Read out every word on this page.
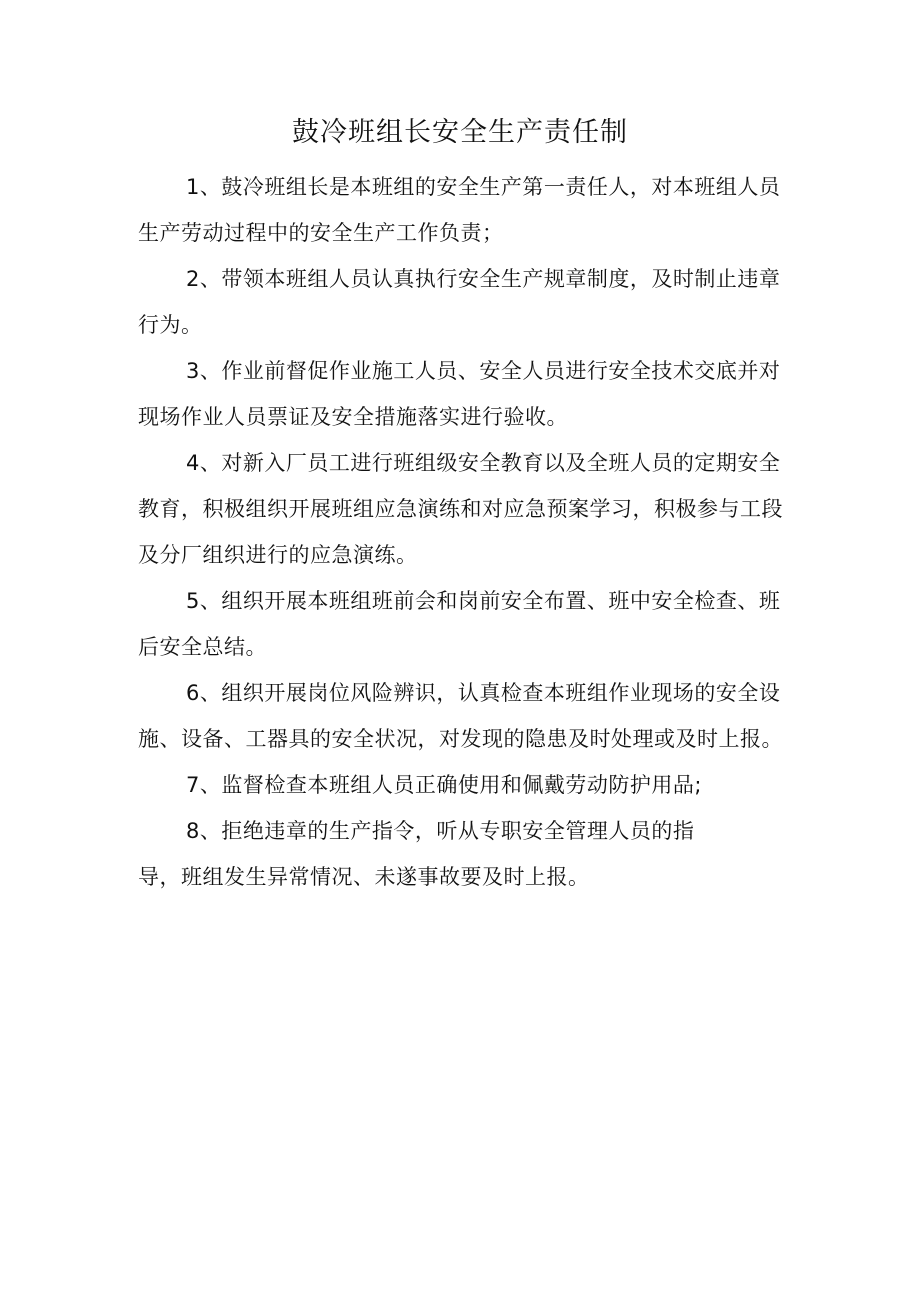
鼓冷班组长安全生产责任制

1、鼓冷班组长是本班组的安全生产第一责任人，对本班组人员生产劳动过程中的安全生产工作负责；

2、带领本班组人员认真执行安全生产规章制度，及时制止违章行为。

3、作业前督促作业施工人员、安全人员进行安全技术交底并对现场作业人员票证及安全措施落实进行验收。

4、对新入厂员工进行班组级安全教育以及全班人员的定期安全教育，积极组织开展班组应急演练和对应急预案学习，积极参与工段及分厂组织进行的应急演练。

5、组织开展本班组班前会和岗前安全布置、班中安全检查、班后安全总结。

6、组织开展岗位风险辨识，认真检查本班组作业现场的安全设施、设备、工器具的安全状况，对发现的隐患及时处理或及时上报。

7、监督检查本班组人员正确使用和佩戴劳动防护用品;

8、拒绝违章的生产指令，听从专职安全管理人员的指

导，班组发生异常情况、未遂事故要及时上报。
